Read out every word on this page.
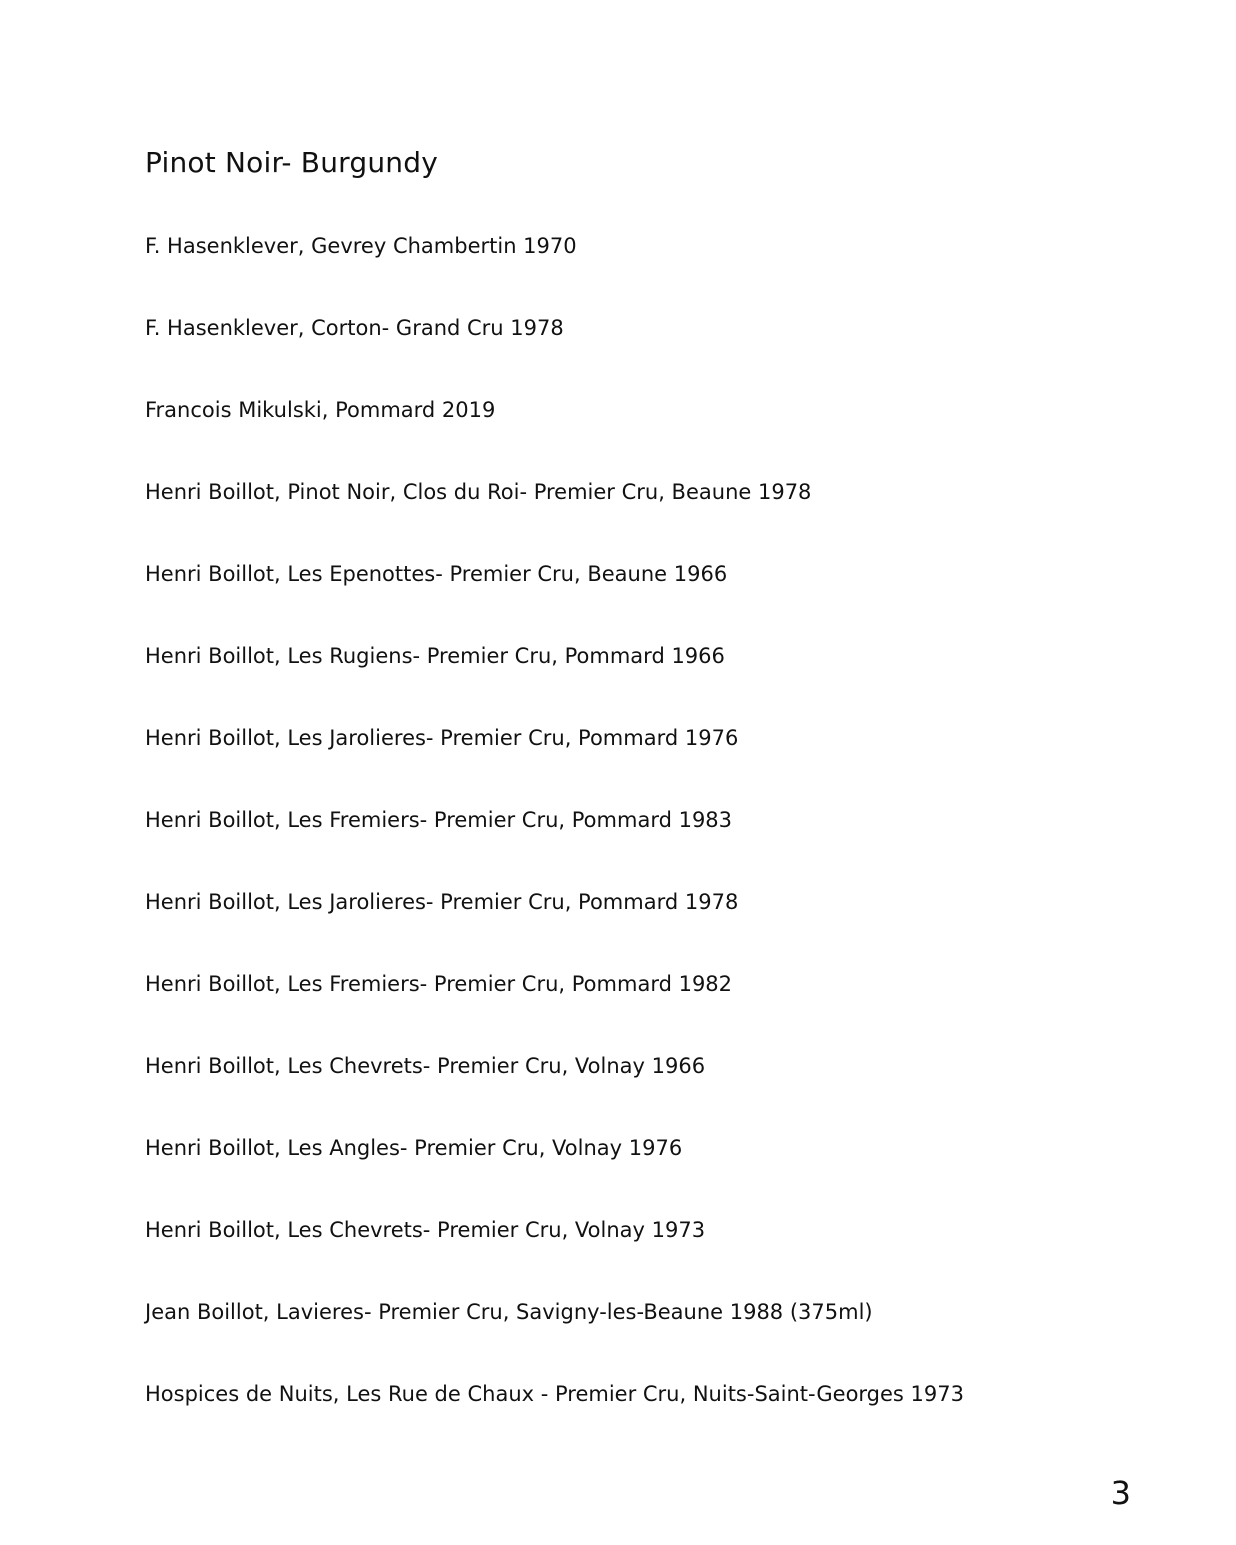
Pinot Noir- Burgundy
F. Hasenklever, Gevrey Chambertin 1970
F. Hasenklever, Corton- Grand Cru 1978
Francois Mikulski, Pommard 2019
Henri Boillot, Pinot Noir, Clos du Roi- Premier Cru, Beaune 1978
Henri Boillot, Les Epenottes- Premier Cru, Beaune 1966
Henri Boillot, Les Rugiens- Premier Cru, Pommard 1966
Henri Boillot, Les Jarolieres- Premier Cru, Pommard 1976
Henri Boillot, Les Fremiers- Premier Cru, Pommard 1983
Henri Boillot, Les Jarolieres- Premier Cru, Pommard 1978
Henri Boillot, Les Fremiers- Premier Cru, Pommard 1982
Henri Boillot, Les Chevrets- Premier Cru, Volnay 1966
Henri Boillot, Les Angles- Premier Cru, Volnay 1976
Henri Boillot, Les Chevrets- Premier Cru, Volnay 1973
Jean Boillot, Lavieres- Premier Cru, Savigny-les-Beaune 1988 (375ml)
Hospices de Nuits, Les Rue de Chaux - Premier Cru, Nuits-Saint-Georges 1973
3
